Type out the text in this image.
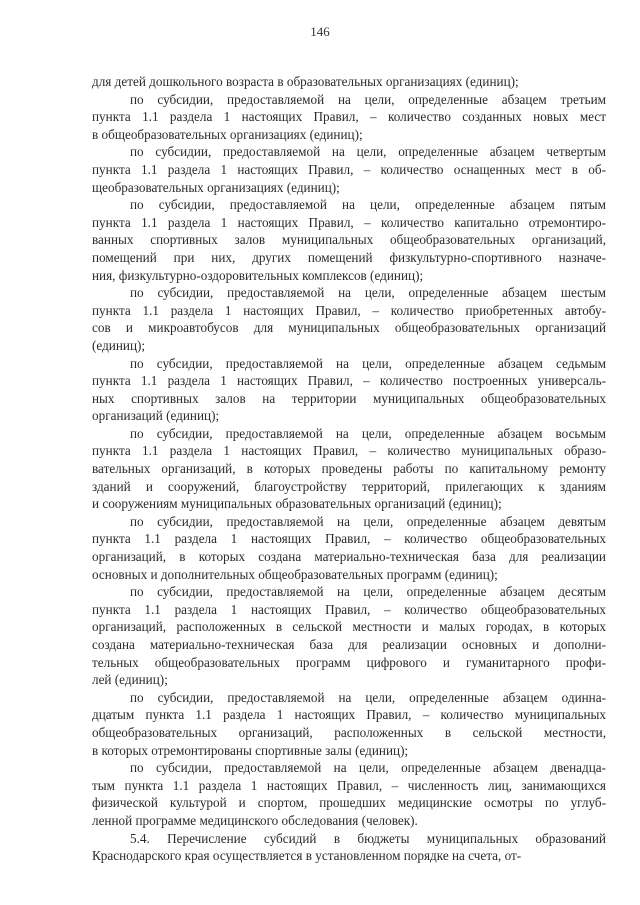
146

для детей дошкольного возраста в образовательных организациях (единиц);

по субсидии, предоставляемой на цели, определенные абзацем третьим
пункта 1.1 раздела 1 настоящих Правил, – количество созданных новых мест
в общеобразовательных организациях (единиц);

по субсидии, предоставляемой на цели, определенные абзацем четвертым
пункта 1.1 раздела 1 настоящих Правил, – количество оснащенных мест в об-
щеобразовательных организациях (единиц);

по субсидии, предоставляемой на цели, определенные абзацем пятым
пункта 1.1 раздела 1 настоящих Правил, – количество капитально отремонтиро-
ванных спортивных залов муниципальных общеобразовательных организаций,
помещений при них, других помещений физкультурно-спортивного назначе-
ния, физкультурно-оздоровительных комплексов (единиц);

по субсидии, предоставляемой на цели, определенные абзацем шестым
пункта 1.1 раздела 1 настоящих Правил, – количество приобретенных автобу-
сов и микроавтобусов для муниципальных общеобразовательных организаций
(единиц);

по субсидии, предоставляемой на цели, определенные абзацем седьмым
пункта 1.1 раздела 1 настоящих Правил, – количество построенных универсаль-
ных спортивных залов на территории муниципальных общеобразовательных
организаций (единиц);

по субсидии, предоставляемой на цели, определенные абзацем восьмым
пункта 1.1 раздела 1 настоящих Правил, – количество муниципальных образо-
вательных организаций, в которых проведены работы по капитальному ремонту
зданий и сооружений, благоустройству территорий, прилегающих к зданиям
и сооружениям муниципальных образовательных организаций (единиц);

по субсидии, предоставляемой на цели, определенные абзацем девятым
пункта 1.1 раздела 1 настоящих Правил, – количество общеобразовательных
организаций, в которых создана материально-техническая база для реализации
основных и дополнительных общеобразовательных программ (единиц);

по субсидии, предоставляемой на цели, определенные абзацем десятым
пункта 1.1 раздела 1 настоящих Правил, – количество общеобразовательных
организаций, расположенных в сельской местности и малых городах, в которых
создана материально-техническая база для реализации основных и дополни-
тельных общеобразовательных программ цифрового и гуманитарного профи-
лей (единиц);

по субсидии, предоставляемой на цели, определенные абзацем одинна-
дцатым пункта 1.1 раздела 1 настоящих Правил, – количество муниципальных
общеобразовательных организаций, расположенных в сельской местности,
в которых отремонтированы спортивные залы (единиц);

по субсидии, предоставляемой на цели, определенные абзацем двенадца-
тым пункта 1.1 раздела 1 настоящих Правил, – численность лиц, занимающихся
физической культурой и спортом, прошедших медицинские осмотры по углуб-
ленной программе медицинского обследования (человек).

5.4. Перечисление субсидий в бюджеты муниципальных образований
Краснодарского края осуществляется в установленном порядке на счета, от-
